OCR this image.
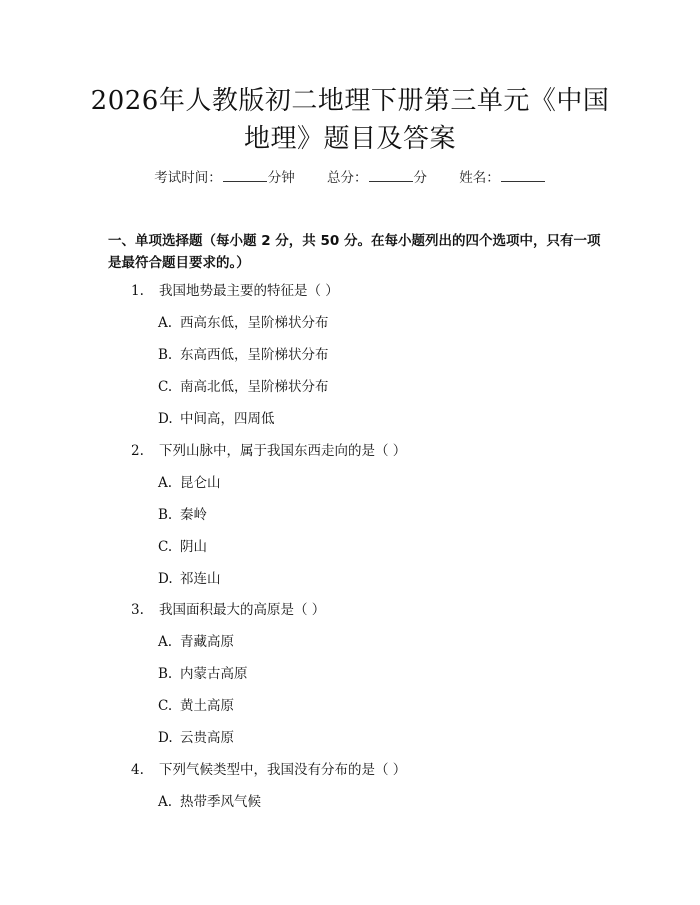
2026年人教版初二地理下册第三单元《中国
地理》题目及答案
考试时间：	分钟 总分：	分 姓名：
一、单项选择题（每小题 2 分，共 50 分。在每小题列出的四个选项中，只有一项
是最符合题目要求的。）
1. 我国地势最主要的特征是（ ）
A. 西高东低，呈阶梯状分布
B. 东高西低，呈阶梯状分布
C. 南高北低，呈阶梯状分布
D. 中间高，四周低
2. 下列山脉中，属于我国东西走向的是（ ）
A. 昆仑山
B. 秦岭
C. 阴山
D. 祁连山
3. 我国面积最大的高原是（ ）
A. 青藏高原
B. 内蒙古高原
C. 黄土高原
D. 云贵高原
4. 下列气候类型中，我国没有分布的是（ ）
A. 热带季风气候
